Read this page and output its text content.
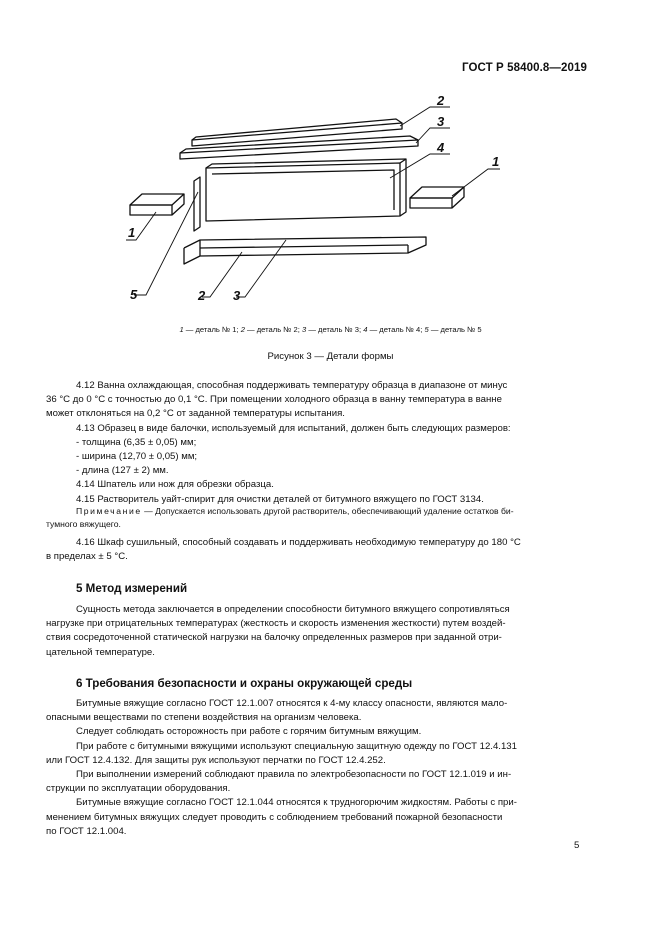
ГОСТ Р 58400.8—2019
2
3
4
1
1
5	2 3
1 — деталь № 1; 2 — деталь № 2; 3 — деталь № 3; 4 — деталь № 4; 5 — деталь № 5
Рисунок 3 — Детали формы

4.12 Ванна охлаждающая, способная поддерживать температуру образца в диапазоне от минус
36 °С до 0 °С с точностью до 0,1 °С. При помещении холодного образца в ванну температура в ванне
может отклоняться на 0,2 °С от заданной температуры испытания.

4.13 Образец в виде балочки, используемый для испытаний, должен быть следующих размеров:

- толщина (6,35 ± 0,05) мм;

- ширина (12,70 ± 0,05) мм;

- длина (127 ± 2) мм.

4.14 Шпатель или нож для обрезки образца.

4.15 Растворитель уайт-спирит для очистки деталей от битумного вяжущего по ГОСТ 3134.

Примечание — Допускается использовать другой растворитель, обеспечивающий удаление остатков би-

тумного вяжущего.

4.16 Шкаф сушильный, способный создавать и поддерживать необходимую температуру до 180 °С

в пределах ± 5 °С.

5 Метод измерений

Сущность метода заключается в определении способности битумного вяжущего сопротивляться

нагрузке при отрицательных температурах (жесткость и скорость изменения жесткости) путем воздей-

ствия сосредоточенной статической нагрузки на балочку определенных размеров при заданной отри-

цательной температуре.

6 Требования безопасности и охраны окружающей среды

Битумные вяжущие согласно ГОСТ 12.1.007 относятся к 4-му классу опасности, являются мало-

опасными веществами по степени воздействия на организм человека.

Следует соблюдать осторожность при работе с горячим битумным вяжущим.

При работе с битумными вяжущими используют специальную защитную одежду по ГОСТ 12.4.131

или ГОСТ 12.4.132. Для защиты рук используют перчатки по ГОСТ 12.4.252.

При выполнении измерений соблюдают правила по электробезопасности по ГОСТ 12.1.019 и ин-

струкции по эксплуатации оборудования.

Битумные вяжущие согласно ГОСТ 12.1.044 относятся к трудногорючим жидкостям. Работы с при-

менением битумных вяжущих следует проводить с соблюдением требований пожарной безопасности

по ГОСТ 12.1.004.

5
